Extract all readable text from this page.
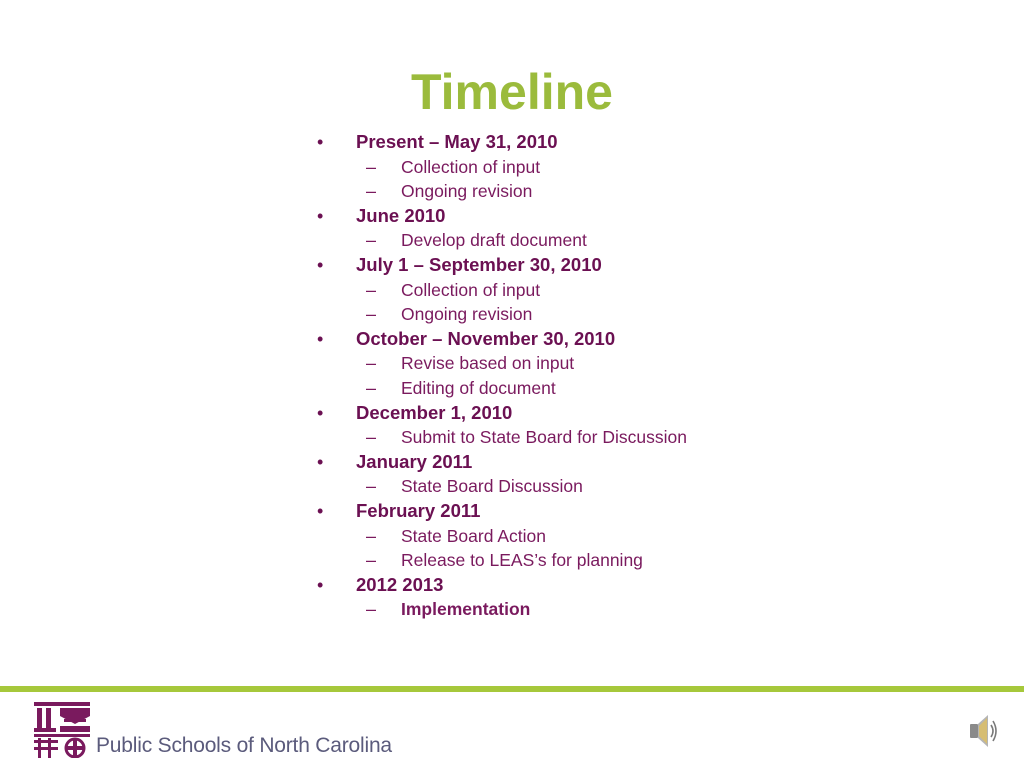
Timeline
• Present – May 31, 2010
– Collection of input
– Ongoing revision
• June 2010
– Develop draft document
• July 1 – September 30, 2010
– Collection of input
– Ongoing revision
• October – November 30, 2010
– Revise based on input
– Editing of document
• December 1, 2010
– Submit to State Board for Discussion
• January 2011
– State Board Discussion
• February 2011
– State Board Action
– Release to LEAS’s for planning
• 2012 2013
– Implementation
Public Schools of North Carolina
